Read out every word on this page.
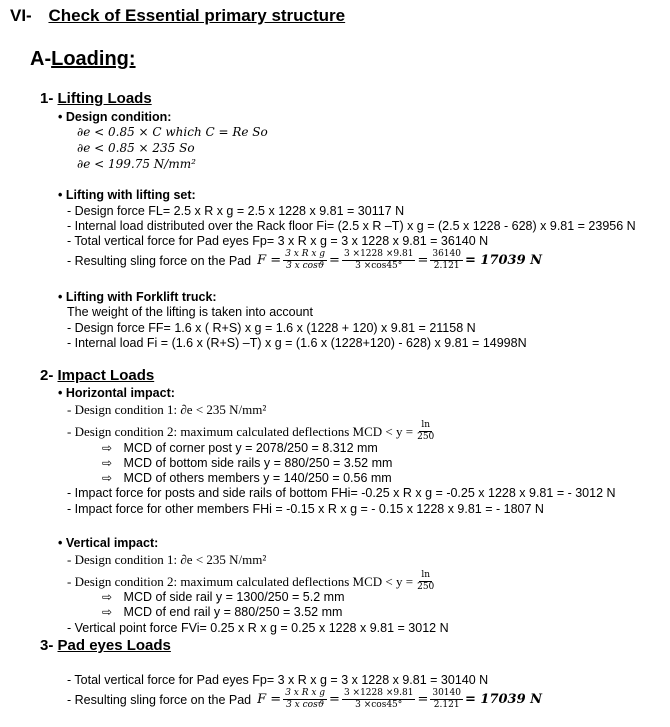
VI- Check of Essential primary structure
A-Loading:
1- Lifting Loads
• Design condition:
∂e < 0.85 × C which C = Re So
∂e < 0.85 × 235 So
∂e < 199.75 N/mm²
• Lifting with lifting set:
- Design force FL= 2.5 x R x g = 2.5 x 1228 x 9.81 = 30117 N
- Internal load distributed over the Rack floor Fi= (2.5 x R –T) x g = (2.5 x 1228 - 628) x 9.81 = 23956 N
- Total vertical force for Pad eyes Fp= 3 x R x g = 3 x 1228 x 9.81 = 36140 N
- Resulting sling force on the Pad $F = \frac{\text{3 x R x g}}{\text{3 x cosϑ}} = \frac{3 \times 1228 \times 9.81}{3 \times\cos 45^\circ} = \frac{36140}{2.121} = 17039$ N
• Lifting with Forklift truck:
The weight of the lifting is taken into account
- Design force FF= 1.6 x ( R+S) x g = 1.6 x (1228 + 120) x 9.81 = 21158 N
- Internal load Fi = (1.6 x (R+S) –T) x g = (1.6 x (1228+120) - 628) x 9.81 = 14998N
2- Impact Loads
• Horizontal impact:
- Design condition 1: ∂e < 235 N/mm²
- Design condition 2: maximum calculated deflections MCD < $y = \frac{\ln}{250}$
⇨ MCD of corner post y = 2078/250 = 8.312 mm
⇨ MCD of bottom side rails y = 880/250 = 3.52 mm
⇨ MCD of others members y = 140/250 = 0.56 mm
- Impact force for posts and side rails of bottom FHi= -0.25 x R x g = -0.25 x 1228 x 9.81 = - 3012 N
- Impact force for other members FHi = -0.15 x R x g = - 0.15 x 1228 x 9.81 = - 1807 N
• Vertical impact:
- Design condition 1: ∂e < 235 N/mm²
- Design condition 2: maximum calculated deflections MCD < $y = \frac{\ln}{250}$
⇨ MCD of side rail y = 1300/250 = 5.2 mm
⇨ MCD of end rail y = 880/250 = 3.52 mm
- Vertical point force FVi= 0.25 x R x g = 0.25 x 1228 x 9.81 = 3012 N
3- Pad eyes Loads
- Total vertical force for Pad eyes Fp= 3 x R x g = 3 x 1228 x 9.81 = 30140 N
- Resulting sling force on the Pad $F = \frac{\text{3 x R x g}}{\text{3 x cosϑ}} = \frac{3 \times 1228 \times 9.81}{3 \times\cos 45^\circ} = \frac{30140}{2.121} = 17039$ N
